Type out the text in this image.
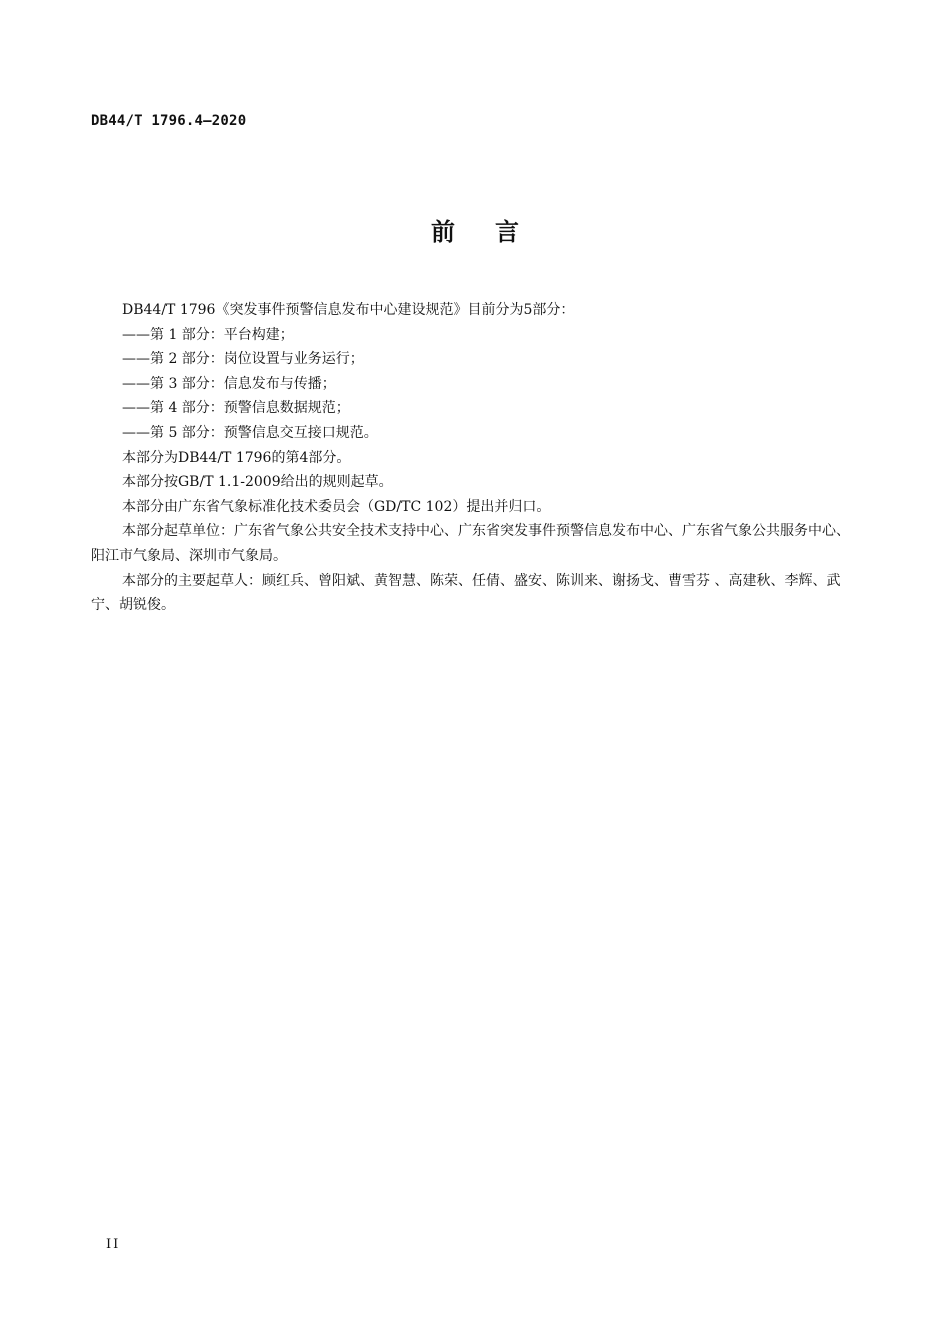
DB44/T 1796.4—2020
前言

DB44/T 1796《突发事件预警信息发布中心建设规范》目前分为5部分：

——第 1 部分：平台构建；

——第 2 部分：岗位设置与业务运行；

——第 3 部分：信息发布与传播；

——第 4 部分：预警信息数据规范；

——第 5 部分：预警信息交互接口规范。

本部分为DB44/T 1796的第4部分。

本部分按GB/T 1.1-2009给出的规则起草。

本部分由广东省气象标准化技术委员会（GD/TC 102）提出并归口。

本部分起草单位：广东省气象公共安全技术支持中心、广东省突发事件预警信息发布中心、广东省气象公共服务中心、阳江市气象局、深圳市气象局。

本部分的主要起草人：顾红兵、曾阳斌、黄智慧、陈荣、任倩、盛安、陈训来、谢扬戈、曹雪芬 、高建秋、李辉、武宁、胡锐俊。

II
